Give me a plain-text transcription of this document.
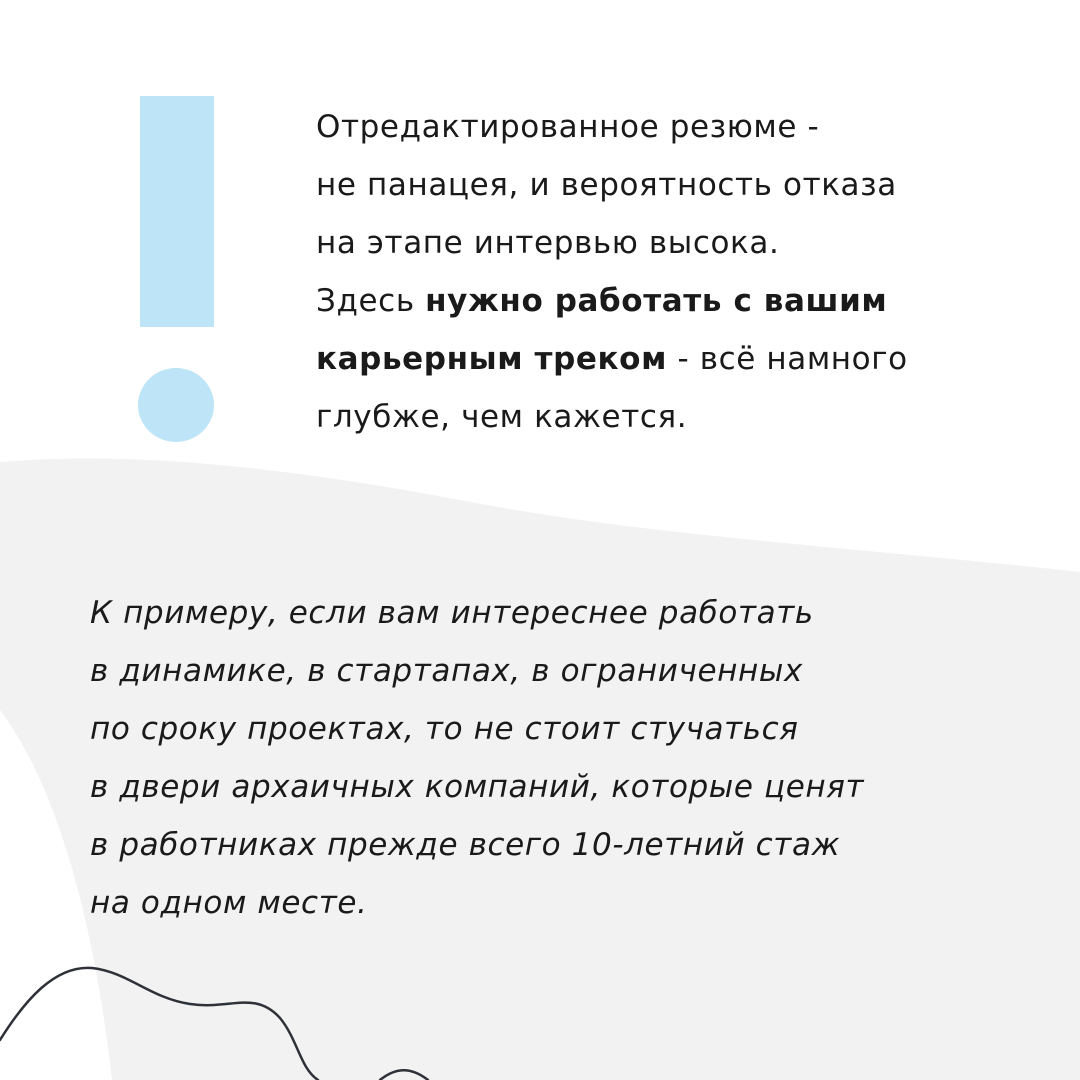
Отредактированное резюме -
не панацея, и вероятность отказа
на этапе интервью высока.
Здесь нужно работать с вашим
карьерным треком - всё намного
глубже, чем кажется.

К примеру, если вам интереснее работать
в динамике, в стартапах, в ограниченных
по сроку проектах, то не стоит стучаться
в двери архаичных компаний, которые ценят
в работниках прежде всего 10-летний стаж
на одном месте.
